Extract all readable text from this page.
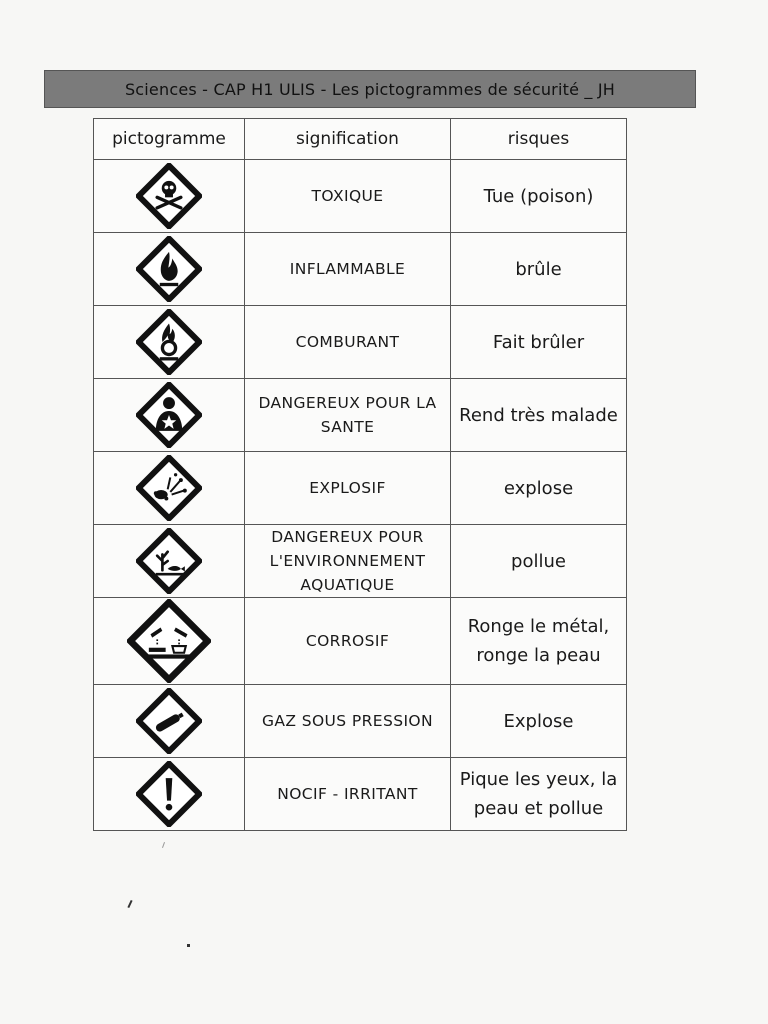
Sciences - CAP H1 ULIS - Les pictogrammes de sécurité _ JH
pictogramme	signification	risques

	TOXIQUE	Tue (poison)

	INFLAMMABLE	brûle

	COMBURANT	Fait brûler

	DANGEREUX POUR LA SANTE	Rend très malade

	EXPLOSIF	explose

	DANGEREUX POUR L'ENVIRONNEMENT AQUATIQUE	pollue

	CORROSIF	Ronge le métal, ronge la peau

	GAZ SOUS PRESSION	Explose

	NOCIF - IRRITANT	Pique les yeux, la peau et pollue
